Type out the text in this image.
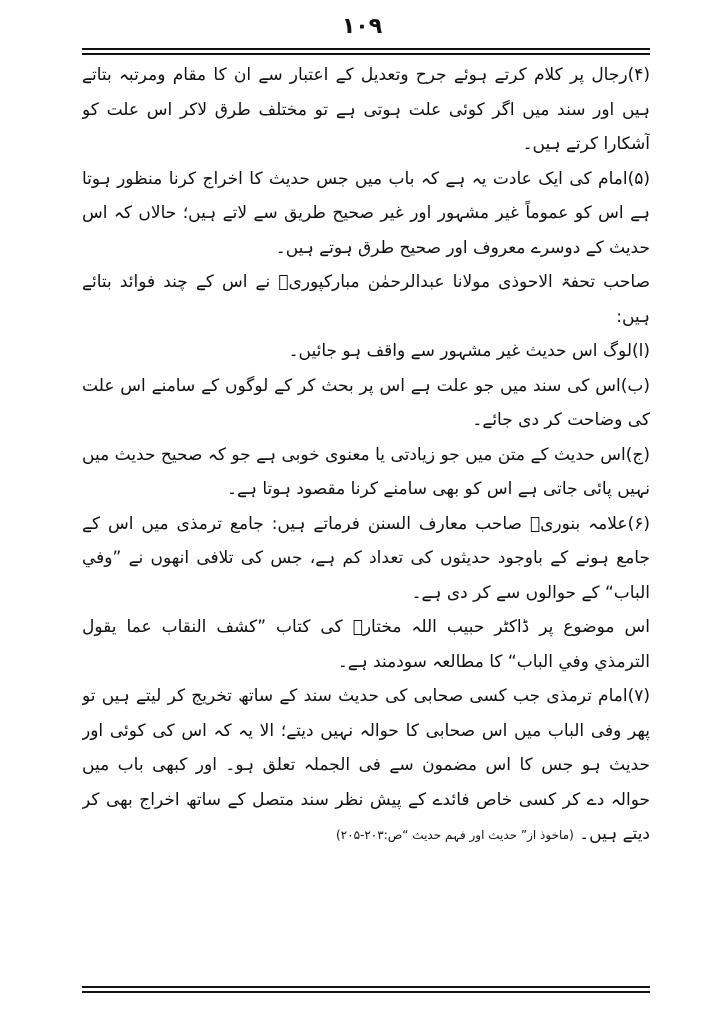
١٠٩

(۴)رجال پر کلام کرتے ہوئے جرح وتعدیل کے اعتبار سے ان کا مقام ومرتبہ بتاتے ہیں اور سند میں اگر کوئی علت ہوتی ہے تو مختلف طرق لاکر اس علت کو آشکارا کرتے ہیں۔

(۵)امام کی ایک عادت یہ ہے کہ باب میں جس حدیث کا اخراج کرنا منظور ہوتا ہے اس کو عموماً غیر مشہور اور غیر صحیح طریق سے لاتے ہیں؛ حالاں کہ اس حدیث کے دوسرے معروف اور صحیح طرق ہوتے ہیں۔

صاحب تحفۃ الاحوذی مولانا عبدالرحمٰن مبارکپوریؒ نے اس کے چند فوائد بتائے ہیں:

(ا)لوگ اس حدیث غیر مشہور سے واقف ہو جائیں۔

(ب)اس کی سند میں جو علت ہے اس پر بحث کر کے لوگوں کے سامنے اس علت کی وضاحت کر دی جائے۔

(ج)اس حدیث کے متن میں جو زیادتی یا معنوی خوبی ہے جو کہ صحیح حدیث میں نہیں پائی جاتی ہے اس کو بھی سامنے کرنا مقصود ہوتا ہے۔

(۶)علامہ بنوریؒ صاحب معارف السنن فرماتے ہیں: جامع ترمذی میں اس کے جامع ہونے کے باوجود حدیثوں کی تعداد کم ہے، جس کی تلافی انھوں نے ”وفي الباب“ کے حوالوں سے کر دی ہے۔

اس موضوع پر ڈاکٹر حبیب اللہ مختارؒ کی کتاب ”کشف النقاب عما يقول الترمذي وفي الباب“ کا مطالعہ سودمند ہے۔

(۷)امام ترمذی جب کسی صحابی کی حدیث سند کے ساتھ تخریج کر لیتے ہیں تو پھر وفی الباب میں اس صحابی کا حوالہ نہیں دیتے؛ الا یہ کہ اس کی کوئی اور حدیث ہو جس کا اس مضمون سے فی الجملہ تعلق ہو۔ اور کبھی باب میں حوالہ دے کر کسی خاص فائدے کے پیش نظر سند متصل کے ساتھ اخراج بھی کر دیتے ہیں۔ (ماخوذ از” حدیث اور فہم حدیث “ص:۲۰۳-۲۰۵)
